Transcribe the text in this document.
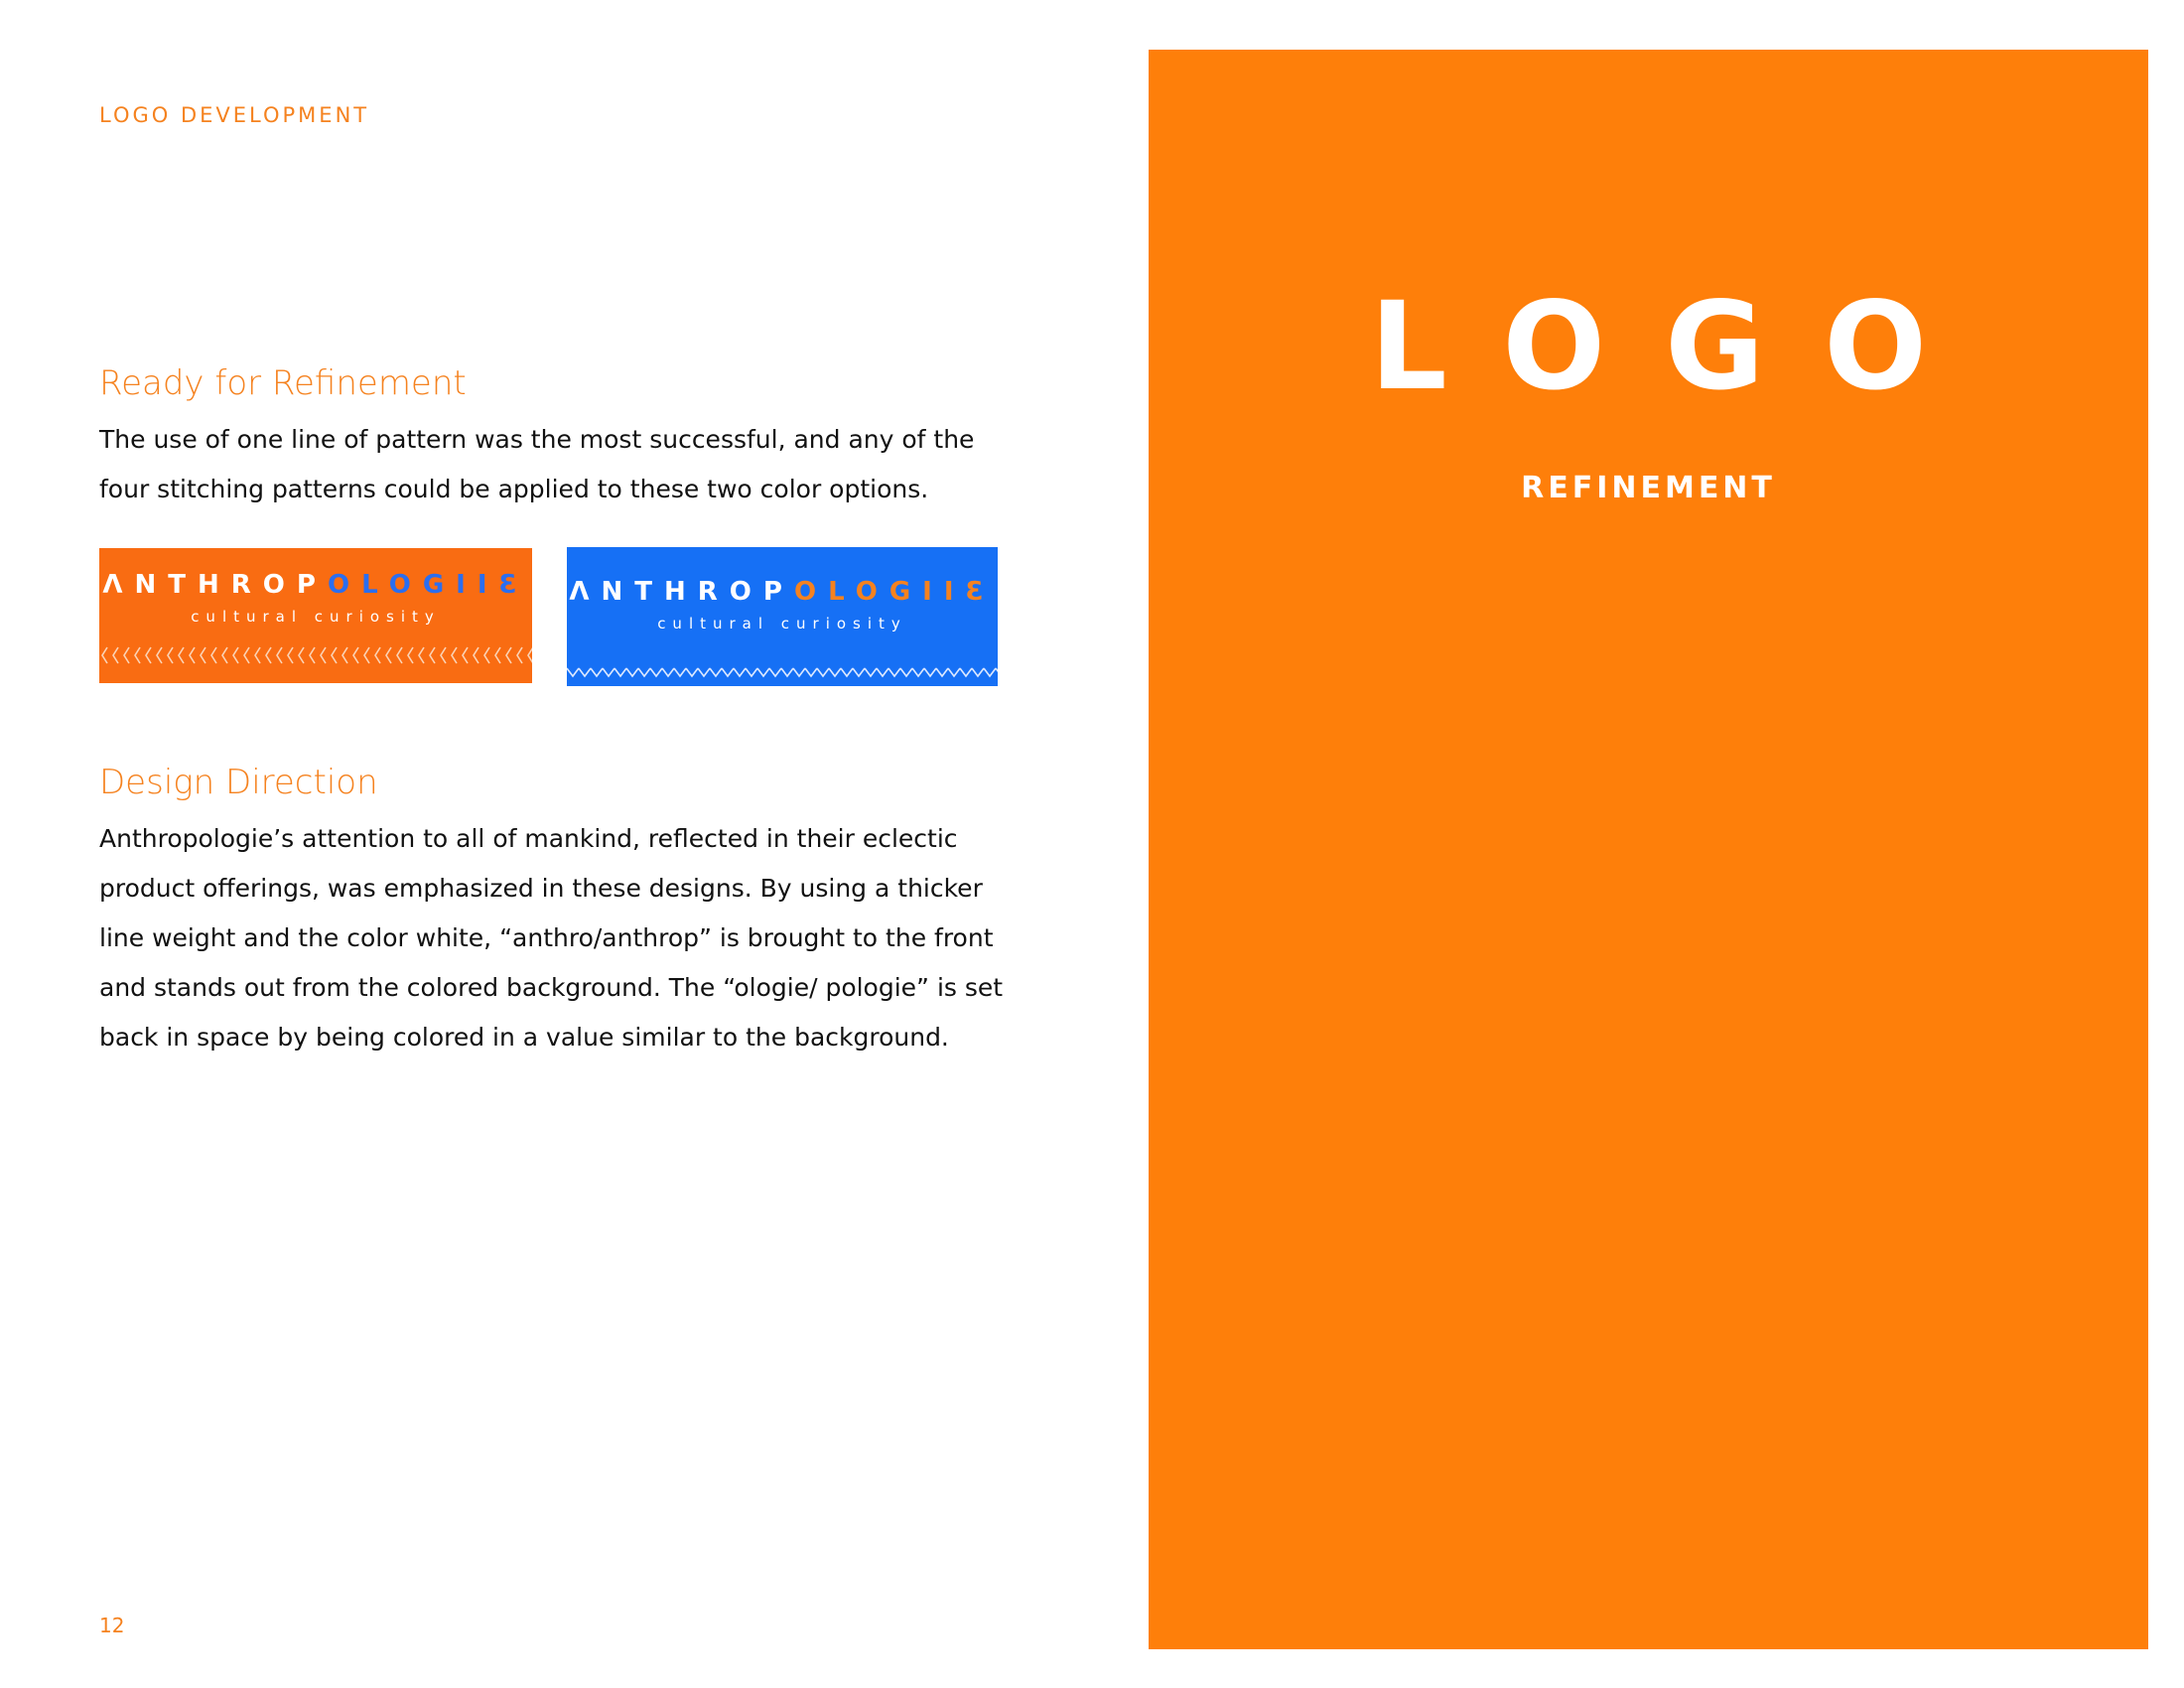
LOGO DEVELOPMENT
Ready for Refinement
The use of one line of pattern was the most successful, and any of the four stitching patterns could be applied to these two color options.
ΛNTHROPOLOGIIƐ
cultural curiosity
ΛNTHROPOLOGIIƐ
cultural curiosity
Design Direction
Anthropologie’s attention to all of mankind, reflected in their eclectic product offerings, was emphasized in these designs. By using a thicker line weight and the color white, “anthro/anthrop” is brought to the front and stands out from the colored background. The “ologie/ pologie” is set back in space by being colored in a value similar to the background.
12
LOGO
REFINEMENT
